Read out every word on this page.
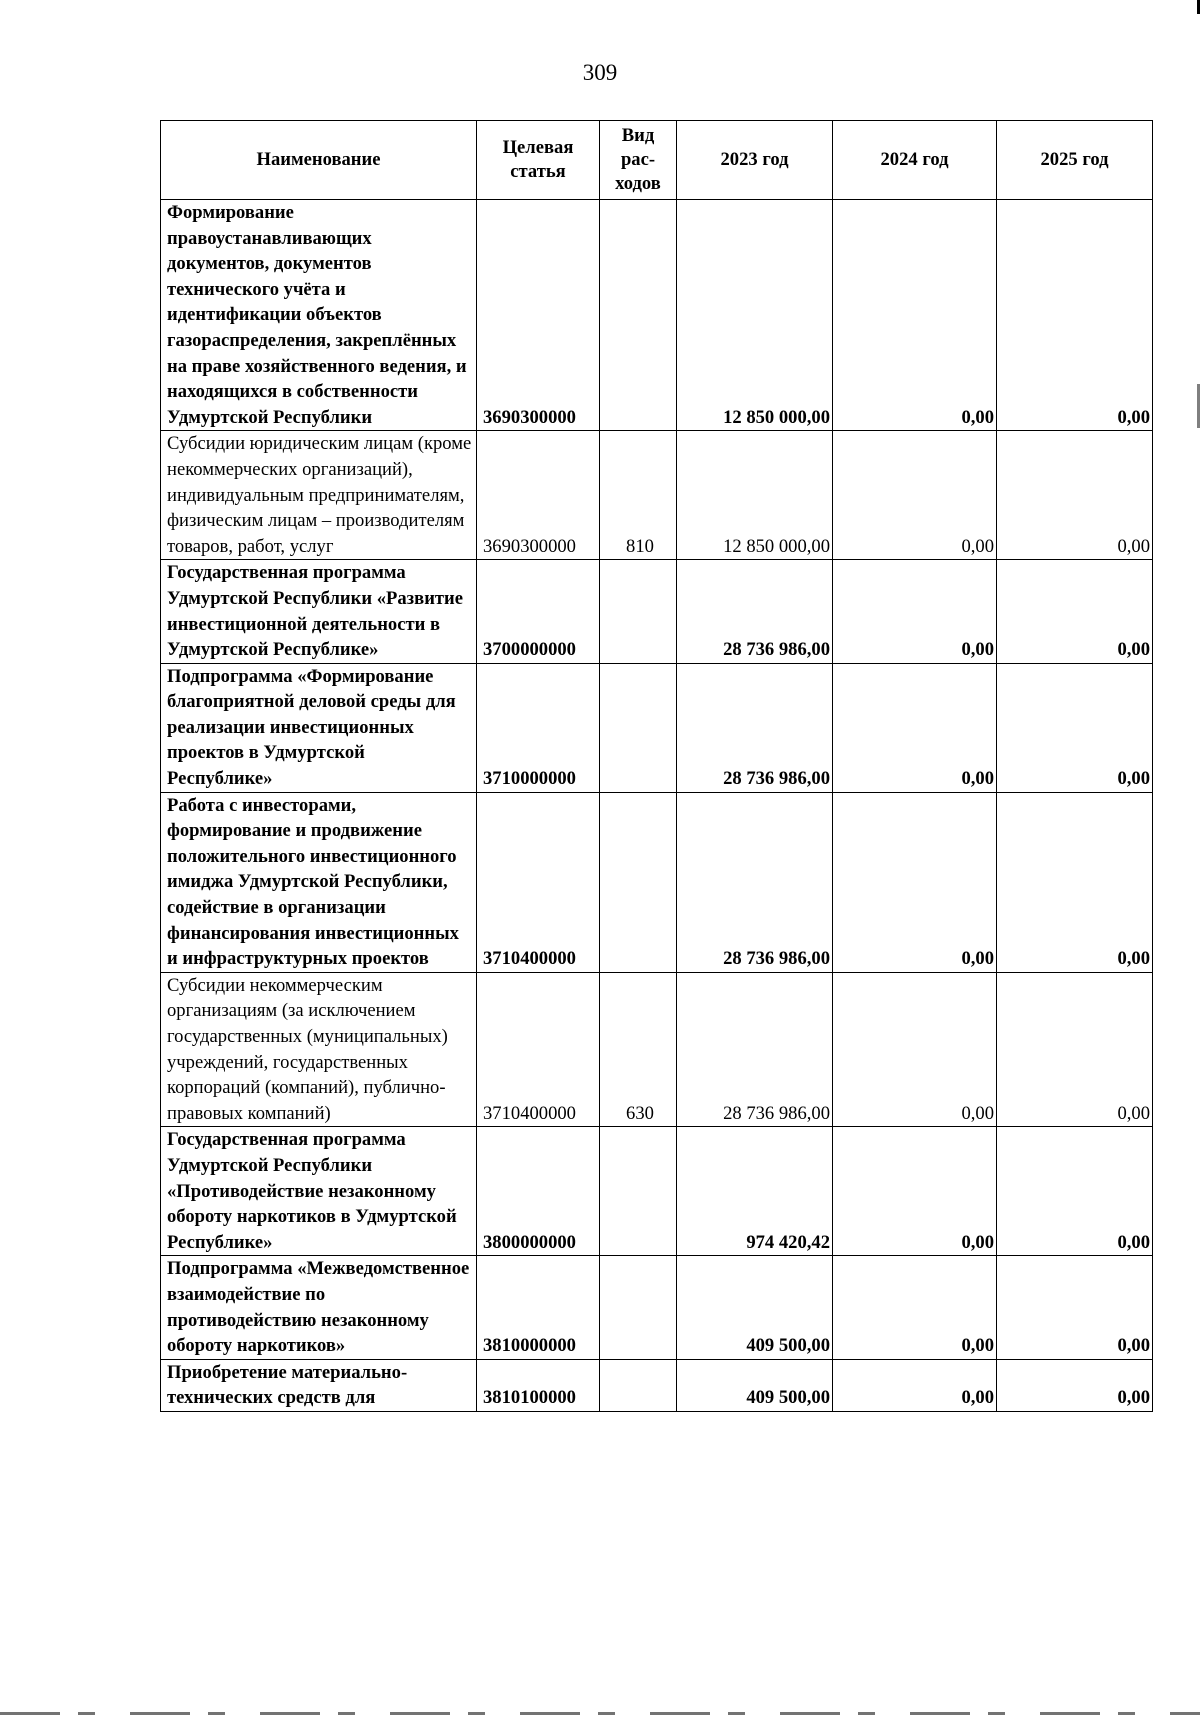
309
Наименование	Целевая статья	Вид рас-ходов	2023 год	2024 год	2025 год
Формирование правоустанавливающих документов, документов технического учёта и идентификации объектов газораспределения, закреплённых на праве хозяйственного ведения, и находящихся в собственности Удмуртской Республики	3690300000		12 850 000,00	0,00	0,00
Субсидии юридическим лицам (кроме некоммерческих организаций), индивидуальным предпринимателям, физическим лицам – производителям товаров, работ, услуг	3690300000	810	12 850 000,00	0,00	0,00
Государственная программа Удмуртской Республики «Развитие инвестиционной деятельности в Удмуртской Республике»	3700000000		28 736 986,00	0,00	0,00
Подпрограмма «Формирование благоприятной деловой среды для реализации инвестиционных проектов в Удмуртской Республике»	3710000000		28 736 986,00	0,00	0,00
Работа с инвесторами, формирование и продвижение положительного инвестиционного имиджа Удмуртской Республики, содействие в организации финансирования инвестиционных и инфраструктурных проектов	3710400000		28 736 986,00	0,00	0,00
Субсидии некоммерческим организациям (за исключением государственных (муниципальных) учреждений, государственных корпораций (компаний), публично-правовых компаний)	3710400000	630	28 736 986,00	0,00	0,00
Государственная программа Удмуртской Республики «Противодействие незаконному обороту наркотиков в Удмуртской Республике»	3800000000		974 420,42	0,00	0,00
Подпрограмма «Межведомственное взаимодействие по противодействию незаконному обороту наркотиков»	3810000000		409 500,00	0,00	0,00
Приобретение материально-технических средств для	3810100000		409 500,00	0,00	0,00
